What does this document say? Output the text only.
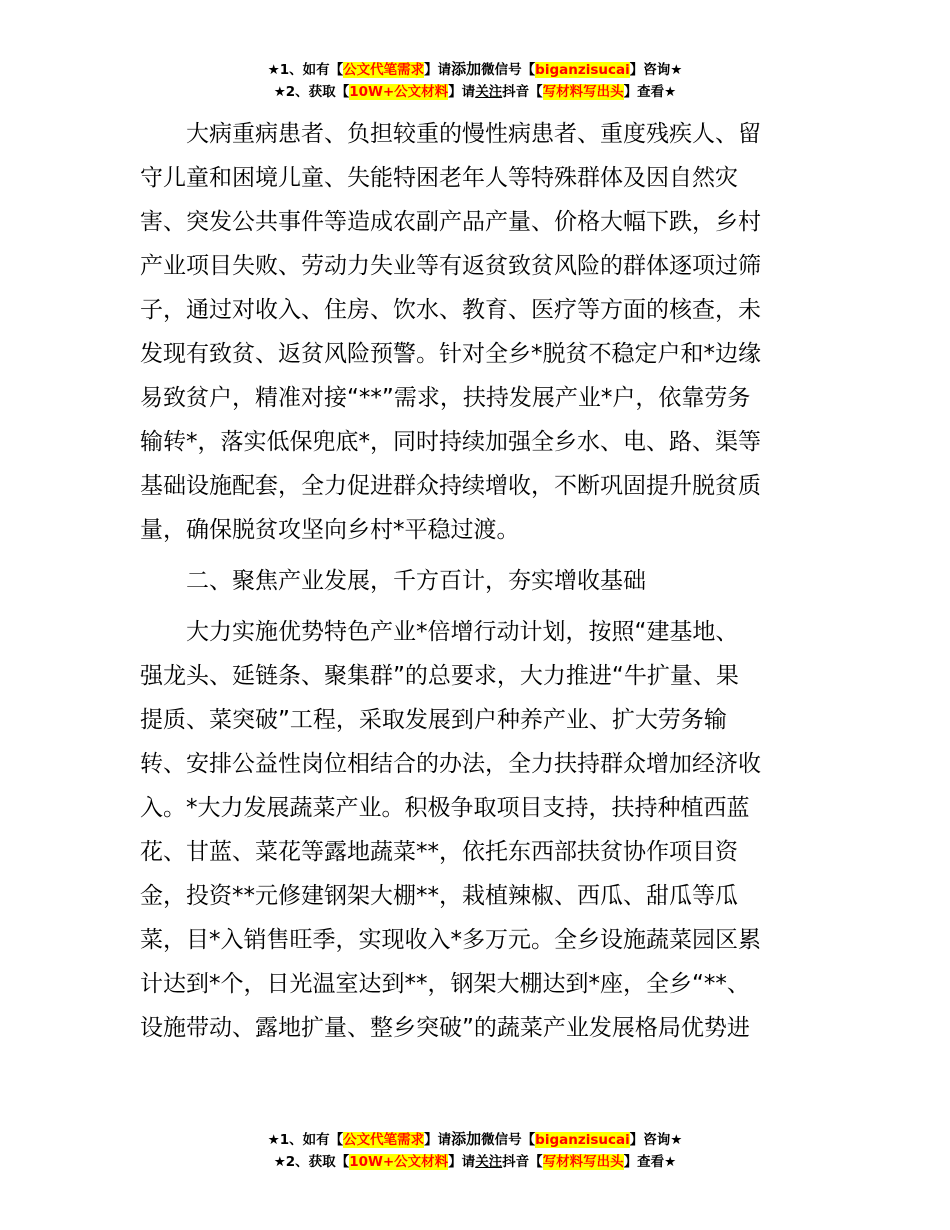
★1、如有【公文代笔需求】请添加微信号【biganzisucai】咨询★
★2、获取【10W+公文材料】请关注抖音【写材料写出头】查看★

大病重病患者、负担较重的慢性病患者、重度残疾人、留
守儿童和困境儿童、失能特困老年人等特殊群体及因自然灾
害、突发公共事件等造成农副产品产量、价格大幅下跌，乡村
产业项目失败、劳动力失业等有返贫致贫风险的群体逐项过筛
子，通过对收入、住房、饮水、教育、医疗等方面的核查，未
发现有致贫、返贫风险预警。针对全乡*脱贫不稳定户和*边缘
易致贫户，精准对接“**”需求，扶持发展产业*户，依靠劳务
输转*，落实低保兜底*，同时持续加强全乡水、电、路、渠等
基础设施配套，全力促进群众持续增收，不断巩固提升脱贫质
量，确保脱贫攻坚向乡村*平稳过渡。

二、聚焦产业发展，千方百计，夯实增收基础

大力实施优势特色产业*倍增行动计划，按照“建基地、
强龙头、延链条、聚集群”的总要求，大力推进“牛扩量、果
提质、菜突破”工程，采取发展到户种养产业、扩大劳务输
转、安排公益性岗位相结合的办法，全力扶持群众增加经济收
入。*大力发展蔬菜产业。积极争取项目支持，扶持种植西蓝
花、甘蓝、菜花等露地蔬菜**，依托东西部扶贫协作项目资
金，投资**元修建钢架大棚**，栽植辣椒、西瓜、甜瓜等瓜
菜，目*入销售旺季，实现收入*多万元。全乡设施蔬菜园区累
计达到*个，日光温室达到**，钢架大棚达到*座，全乡“**、
设施带动、露地扩量、整乡突破”的蔬菜产业发展格局优势进

★1、如有【公文代笔需求】请添加微信号【biganzisucai】咨询★
★2、获取【10W+公文材料】请关注抖音【写材料写出头】查看★
